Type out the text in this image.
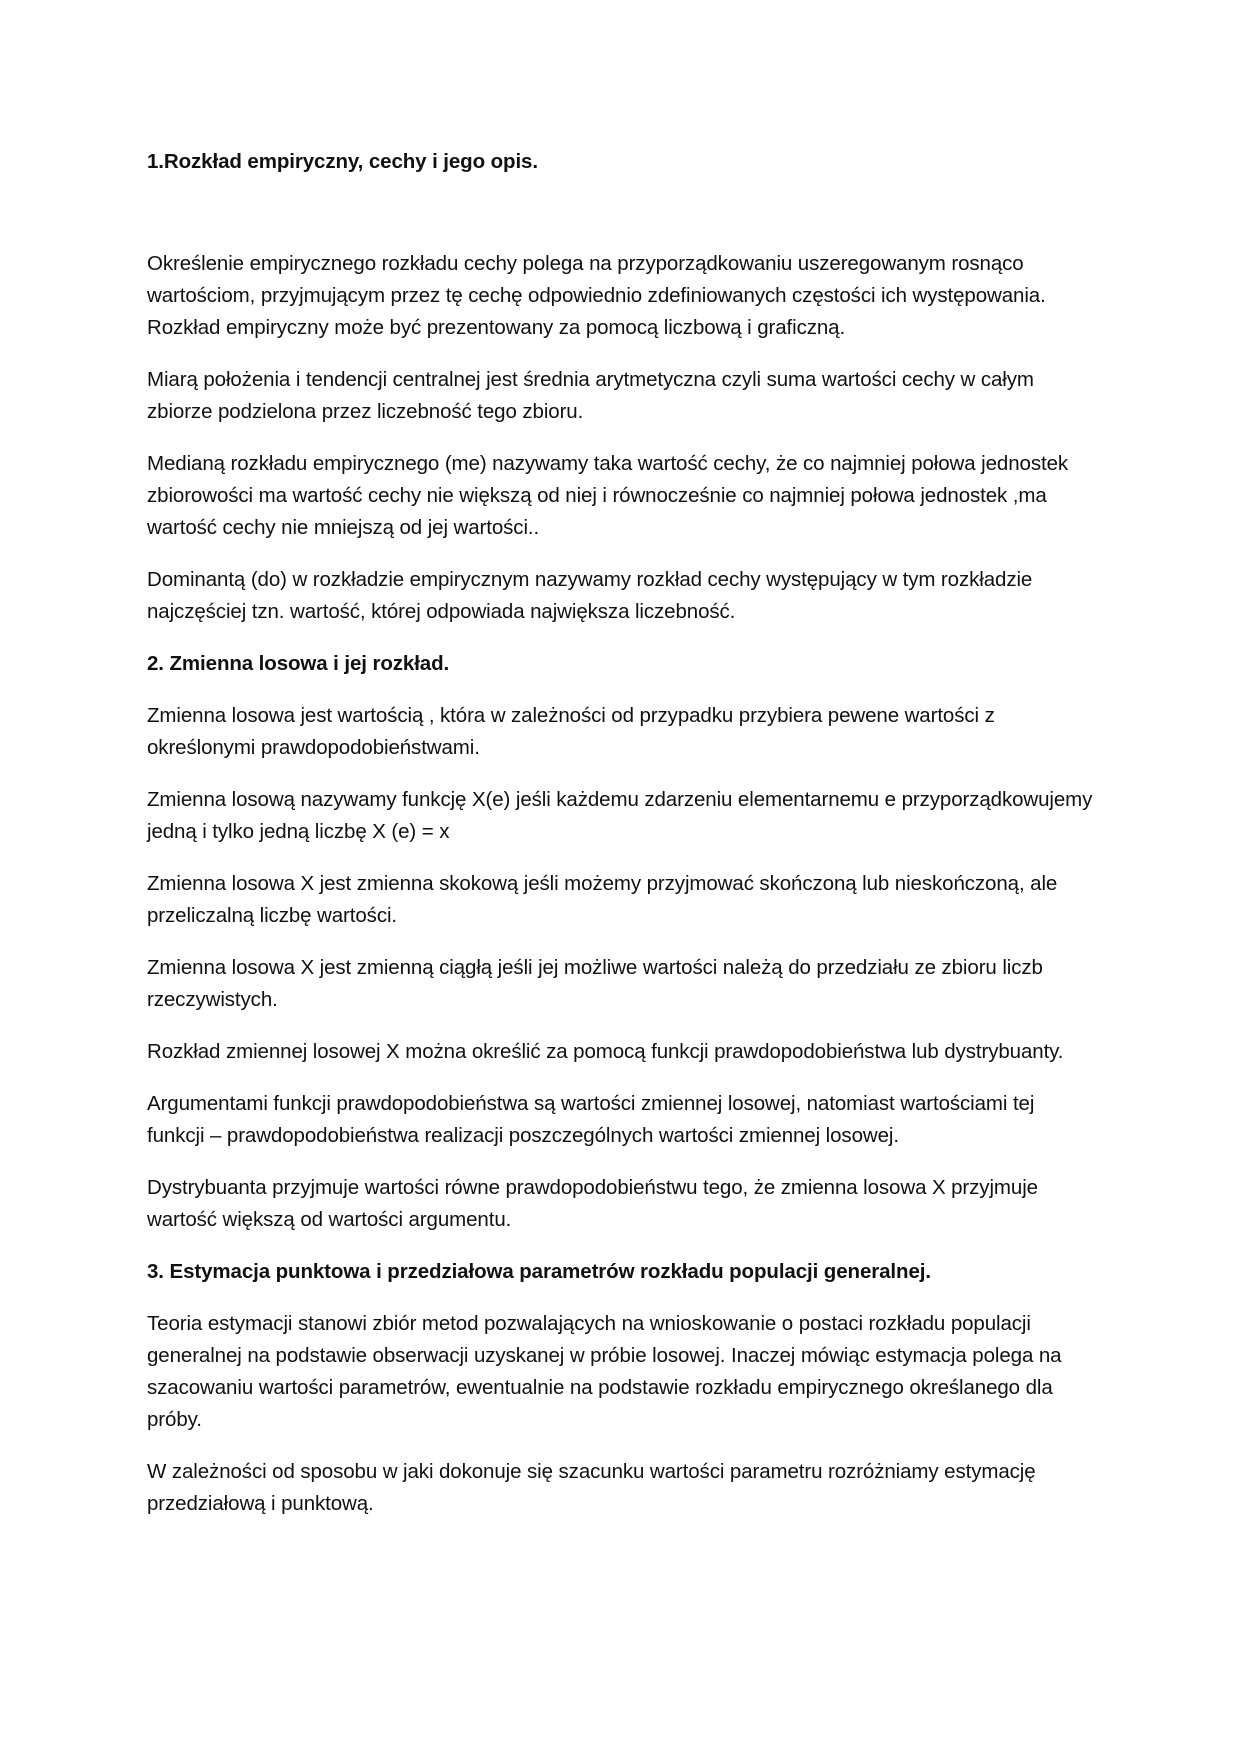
1.Rozkład empiryczny, cechy i jego opis.

Określenie empirycznego rozkładu cechy polega na przyporządkowaniu uszeregowanym rosnąco wartościom, przyjmującym przez tę cechę odpowiednio zdefiniowanych częstości ich występowania. Rozkład empiryczny może być prezentowany za pomocą liczbową i graficzną.

Miarą położenia i tendencji centralnej jest średnia arytmetyczna czyli suma wartości cechy w całym zbiorze podzielona przez liczebność tego zbioru.

Medianą rozkładu empirycznego (me) nazywamy taka wartość cechy, że co najmniej połowa jednostek zbiorowości ma wartość cechy nie większą od niej i równocześnie co najmniej połowa jednostek ,ma wartość cechy nie mniejszą od jej wartości..

Dominantą (do) w rozkładzie empirycznym nazywamy rozkład cechy występujący w tym rozkładzie najczęściej tzn. wartość, której odpowiada największa liczebność.

2. Zmienna losowa i jej rozkład.

Zmienna losowa jest wartością , która w zależności od przypadku przybiera pewene wartości z określonymi prawdopodobieństwami.

Zmienna losową nazywamy funkcję X(e) jeśli każdemu zdarzeniu elementarnemu e przyporządkowujemy jedną i tylko jedną liczbę X (e) = x

Zmienna losowa X jest zmienna skokową jeśli możemy przyjmować skończoną lub nieskończoną, ale przeliczalną liczbę wartości.

Zmienna losowa X jest zmienną ciągłą jeśli jej możliwe wartości należą do przedziału ze zbioru liczb rzeczywistych.

Rozkład zmiennej losowej X można określić za pomocą funkcji prawdopodobieństwa lub dystrybuanty.

Argumentami funkcji prawdopodobieństwa są wartości zmiennej losowej, natomiast wartościami tej funkcji – prawdopodobieństwa realizacji poszczególnych wartości zmiennej losowej.

Dystrybuanta przyjmuje wartości równe prawdopodobieństwu tego, że zmienna losowa X przyjmuje wartość większą od wartości argumentu.

3. Estymacja punktowa i przedziałowa parametrów rozkładu populacji generalnej.

Teoria estymacji stanowi zbiór metod pozwalających na wnioskowanie o postaci rozkładu populacji generalnej na podstawie obserwacji uzyskanej w próbie losowej. Inaczej mówiąc estymacja polega na szacowaniu wartości parametrów, ewentualnie na podstawie rozkładu empirycznego określanego dla próby.

W zależności od sposobu w jaki dokonuje się szacunku wartości parametru rozróżniamy estymację przedziałową i punktową.
